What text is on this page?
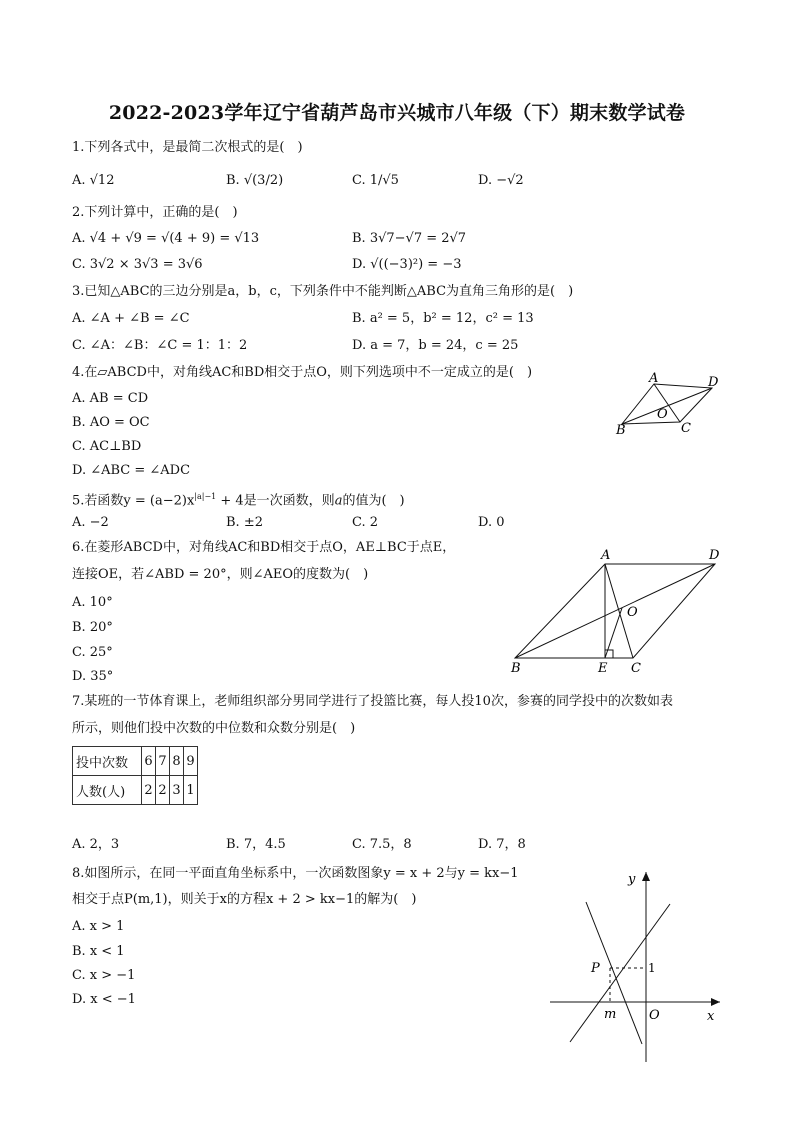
2022-2023学年辽宁省葫芦岛市兴城市八年级（下）期末数学试卷
1.下列各式中，是最简二次根式的是(　)
A. √12	B. √(3/2)	C. 1/√5	D. −√2
2.下列计算中，正确的是(　)
A. √4 + √9 = √(4 + 9) = √13	B. 3√7−√7 = 2√7
C. 3√2 × 3√3 = 3√6	D. √((−3)²) = −3
3.已知△ABC的三边分别是a，b，c，下列条件中不能判断△ABC为直角三角形的是(　)
A. ∠A + ∠B = ∠C	B. a² = 5，b² = 12，c² = 13
C. ∠A：∠B：∠C = 1：1：2	D. a = 7，b = 24，c = 25
4.在▱ABCD中，对角线AC和BD相交于点O，则下列选项中不一定成立的是(　)
A. AB = CD
B. AO = OC
C. AC⊥BD
D. ∠ABC = ∠ADC
A	D
O
B	C
5.若函数$y = (a-2)x^{|a|-1} + 4$是一次函数，则a的值为(　)
A. −2	B. ±2	C. 2	D. 0
6.在菱形ABCD中，对角线AC和BD相交于点O，AE⊥BC于点E，
连接OE，若∠ABD = 20°，则∠AEO的度数为(　)
A. 10°
B. 20°
C. 25°
D. 35°
A	D
O
B	E C
7.某班的一节体育课上，老师组织部分男同学进行了投篮比赛，每人投10次，参赛的同学投中的次数如表
所示，则他们投中次数的中位数和众数分别是(　)
投中次数	6	7	8	9
人数(人)	2	2	3	1
A. 2，3	B. 7，4.5	C. 7.5，8	D. 7，8
8.如图所示，在同一平面直角坐标系中，一次函数图象y = x + 2与y = kx−1
相交于点P(m,1)，则关于x的方程x + 2 > kx−1的解为(　)
A. x > 1
B. x < 1
C. x > −1
D. x < −1
y
x
O
P	1
m
